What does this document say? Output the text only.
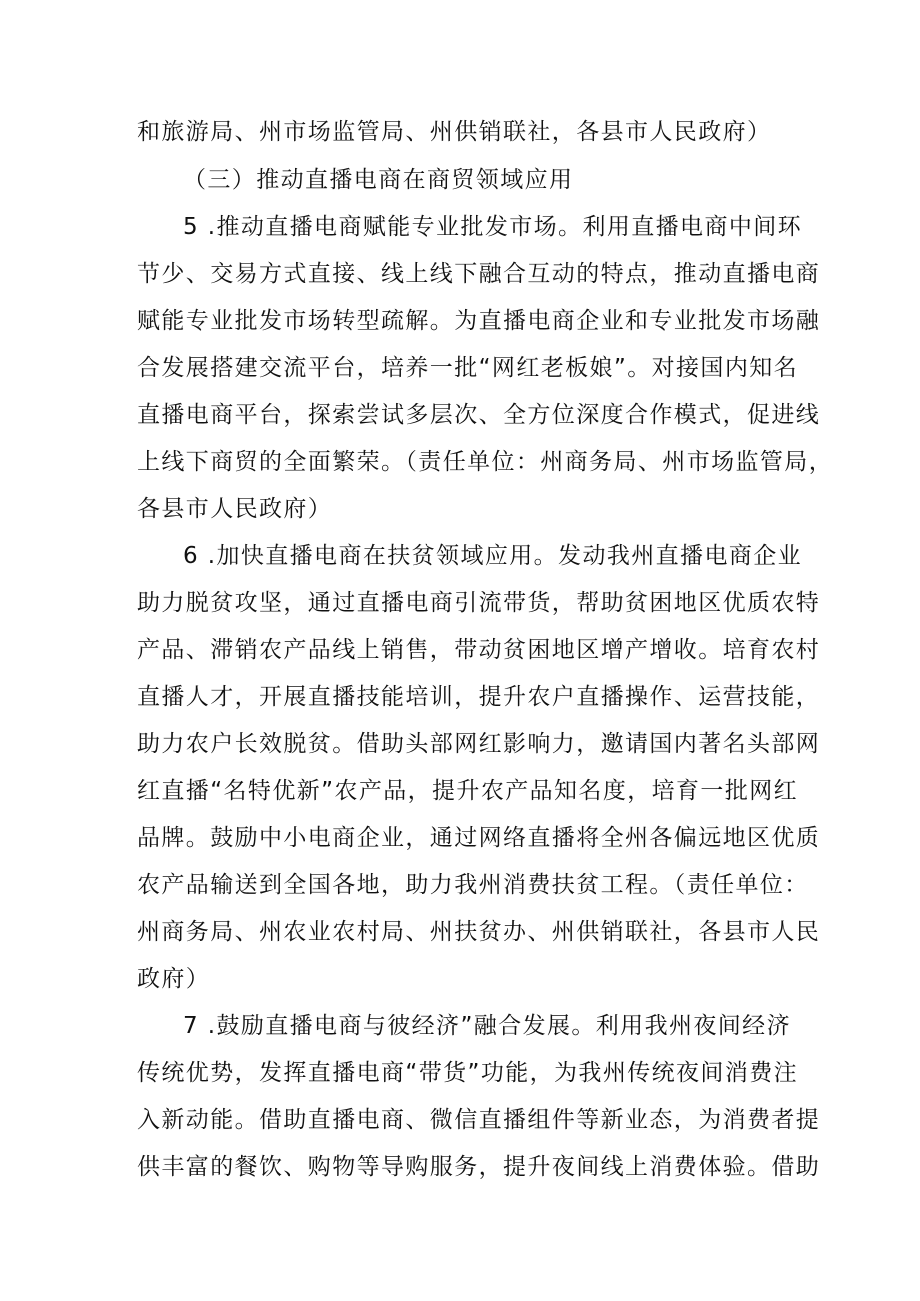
和旅游局、州市场监管局、州供销联社，各县市人民政府）
（三）推动直播电商在商贸领域应用
5 .推动直播电商赋能专业批发市场。利用直播电商中间环
节少、交易方式直接、线上线下融合互动的特点，推动直播电商
赋能专业批发市场转型疏解。为直播电商企业和专业批发市场融
合发展搭建交流平台，培养一批“网红老板娘”。对接国内知名
直播电商平台，探索尝试多层次、全方位深度合作模式，促进线
上线下商贸的全面繁荣。（责任单位：州商务局、州市场监管局，
各县市人民政府）
6 .加快直播电商在扶贫领域应用。发动我州直播电商企业
助力脱贫攻坚，通过直播电商引流带货，帮助贫困地区优质农特
产品、滞销农产品线上销售，带动贫困地区增产增收。培育农村
直播人才，开展直播技能培训，提升农户直播操作、运营技能，
助力农户长效脱贫。借助头部网红影响力，邀请国内著名头部网
红直播“名特优新”农产品，提升农产品知名度，培育一批网红
品牌。鼓励中小电商企业，通过网络直播将全州各偏远地区优质
农产品输送到全国各地，助力我州消费扶贫工程。（责任单位：
州商务局、州农业农村局、州扶贫办、州供销联社，各县市人民
政府）
7 .鼓励直播电商与彼经济”融合发展。利用我州夜间经济
传统优势，发挥直播电商“带货”功能，为我州传统夜间消费注
入新动能。借助直播电商、微信直播组件等新业态，为消费者提
供丰富的餐饮、购物等导购服务，提升夜间线上消费体验。借助
